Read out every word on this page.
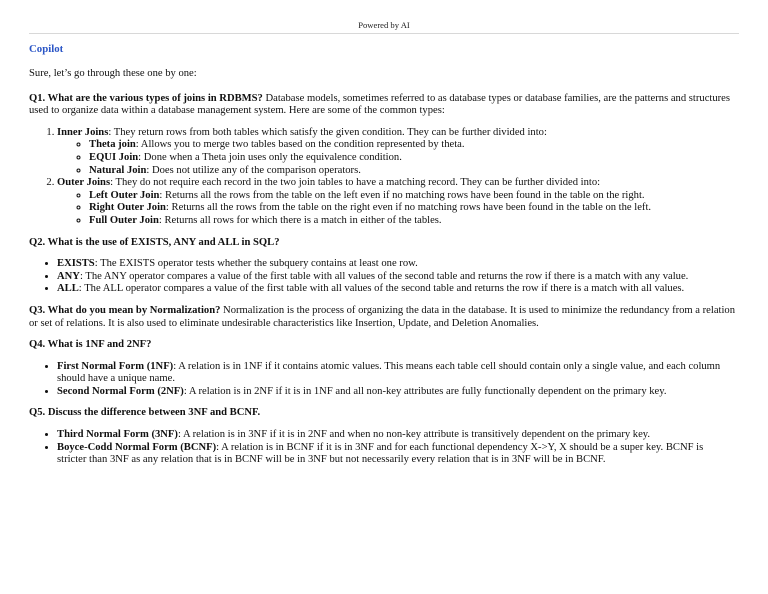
Powered by AI
Copilot

Sure, let’s go through these one by one:

Q1. What are the various types of joins in RDBMS? Database models, sometimes referred to as database types or database families, are the patterns and structures used to organize data within a database management system. Here are some of the common types:

1. Inner Joins: They return rows from both tables which satisfy the given condition. They can be further divided into:
◦ Theta join: Allows you to merge two tables based on the condition represented by theta.
◦ EQUI Join: Done when a Theta join uses only the equivalence condition.
◦ Natural Join: Does not utilize any of the comparison operators.
2. Outer Joins: They do not require each record in the two join tables to have a matching record. They can be further divided into:
◦ Left Outer Join: Returns all the rows from the table on the left even if no matching rows have been found in the table on the right.
◦ Right Outer Join: Returns all the rows from the table on the right even if no matching rows have been found in the table on the left.
◦ Full Outer Join: Returns all rows for which there is a match in either of the tables.

Q2. What is the use of EXISTS, ANY and ALL in SQL?

• EXISTS: The EXISTS operator tests whether the subquery contains at least one row.
• ANY: The ANY operator compares a value of the first table with all values of the second table and returns the row if there is a match with any value.
• ALL: The ALL operator compares a value of the first table with all values of the second table and returns the row if there is a match with all values.

Q3. What do you mean by Normalization? Normalization is the process of organizing the data in the database. It is used to minimize the redundancy from a relation or set of relations. It is also used to eliminate undesirable characteristics like Insertion, Update, and Deletion Anomalies.

Q4. What is 1NF and 2NF?

• First Normal Form (1NF): A relation is in 1NF if it contains atomic values. This means each table cell should contain only a single value, and each column should have a unique name.
• Second Normal Form (2NF): A relation is in 2NF if it is in 1NF and all non-key attributes are fully functionally dependent on the primary key.

Q5. Discuss the difference between 3NF and BCNF.

• Third Normal Form (3NF): A relation is in 3NF if it is in 2NF and when no non-key attribute is transitively dependent on the primary key.
• Boyce-Codd Normal Form (BCNF): A relation is in BCNF if it is in 3NF and for each functional dependency X->Y, X should be a super key. BCNF is stricter than 3NF as any relation that is in BCNF will be in 3NF but not necessarily every relation that is in 3NF will be in BCNF.
